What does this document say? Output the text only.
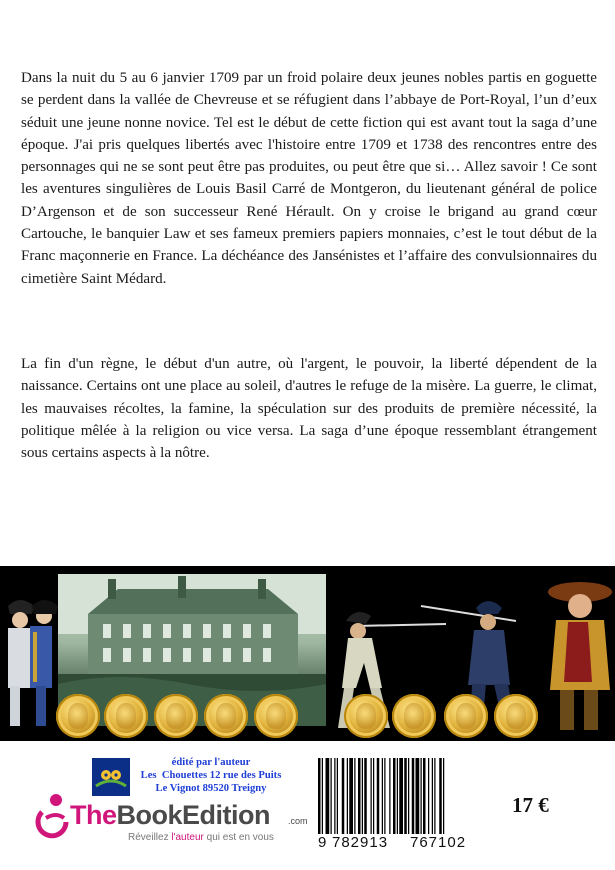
Dans la nuit du 5 au 6 janvier 1709 par un froid polaire deux jeunes nobles partis en goguette se perdent dans la vallée de Chevreuse et se réfugient dans l’abbaye de Port-Royal, l’un d’eux séduit une jeune nonne novice. Tel est le début de cette fiction qui est avant tout la saga d’une époque. J'ai pris quelques libertés avec l'histoire entre 1709 et 1738 des rencontres entre des personnages qui ne se sont peut être pas produites, ou peut être que si… Allez savoir ! Ce sont les aventures singulières de Louis Basil Carré de Montgeron, du lieutenant général de police D’Argenson et de son successeur René Hérault. On y croise le brigand au grand cœur Cartouche, le banquier Law et ses fameux premiers papiers monnaies, c’est le tout début de la Franc maçonnerie en France. La déchéance des Jansénistes et l’affaire des convulsionnaires du cimetière Saint Médard.

La fin d'un règne, le début d'un autre, où l'argent, le pouvoir, la liberté dépendent de la naissance. Certains ont une place au soleil, d'autres le refuge de la misère. La guerre, le climat, les mauvaises récoltes, la famine, la spéculation sur des produits de première nécessité, la politique mêlée à la religion ou vice versa. La saga d’une époque ressemblant étrangement sous certains aspects à la nôtre.

édité par l'auteur
Les  Chouettes 12 rue des Puits
Le Vignot 89520 Treigny
TheBookEdition .com
Réveillez l'auteur qui est en vous	9 782913 767102
17 €
